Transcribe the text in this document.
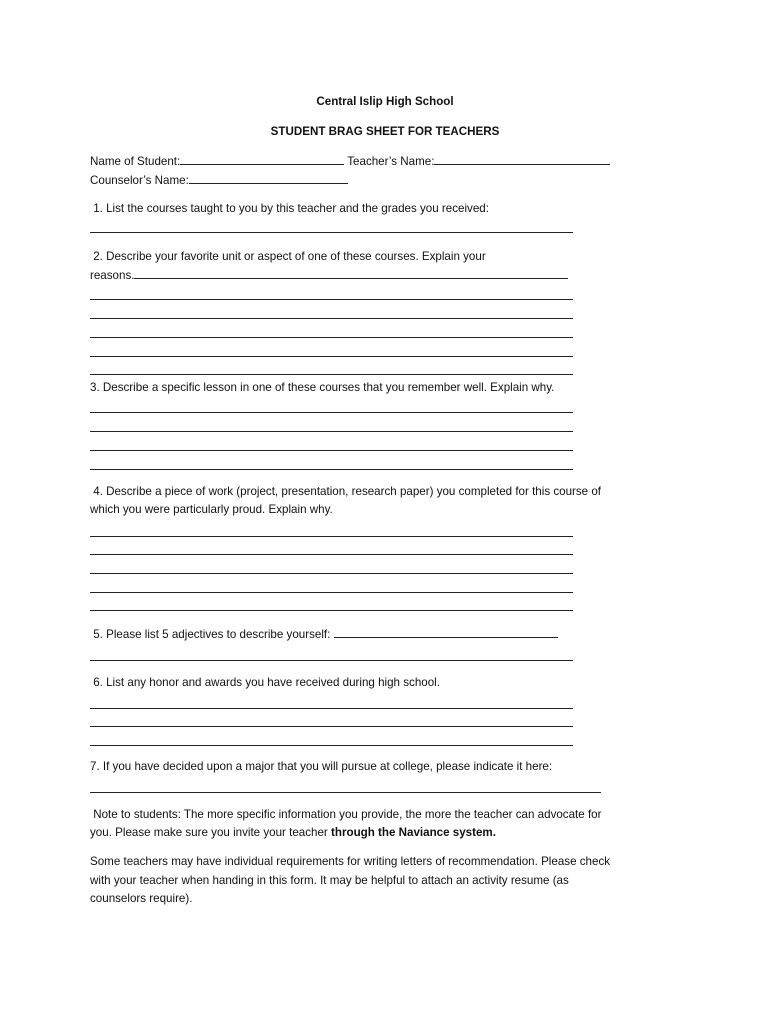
Central Islip High School
STUDENT BRAG SHEET FOR TEACHERS
Name of Student:	Teacher’s Name:
Counselor’s Name:
1. List the courses taught to you by this teacher and the grades you received:
2. Describe your favorite unit or aspect of one of these courses. Explain your
reasons.
3. Describe a specific lesson in one of these courses that you remember well. Explain why.
4. Describe a piece of work (project, presentation, research paper) you completed for this course of
which you were particularly proud. Explain why.
5. Please list 5 adjectives to describe yourself:
6. List any honor and awards you have received during high school.
7. If you have decided upon a major that you will pursue at college, please indicate it here:
Note to students: The more specific information you provide, the more the teacher can advocate for
you. Please make sure you invite your teacher through the Naviance system.
Some teachers may have individual requirements for writing letters of recommendation. Please check
with your teacher when handing in this form. It may be helpful to attach an activity resume (as
counselors require).
